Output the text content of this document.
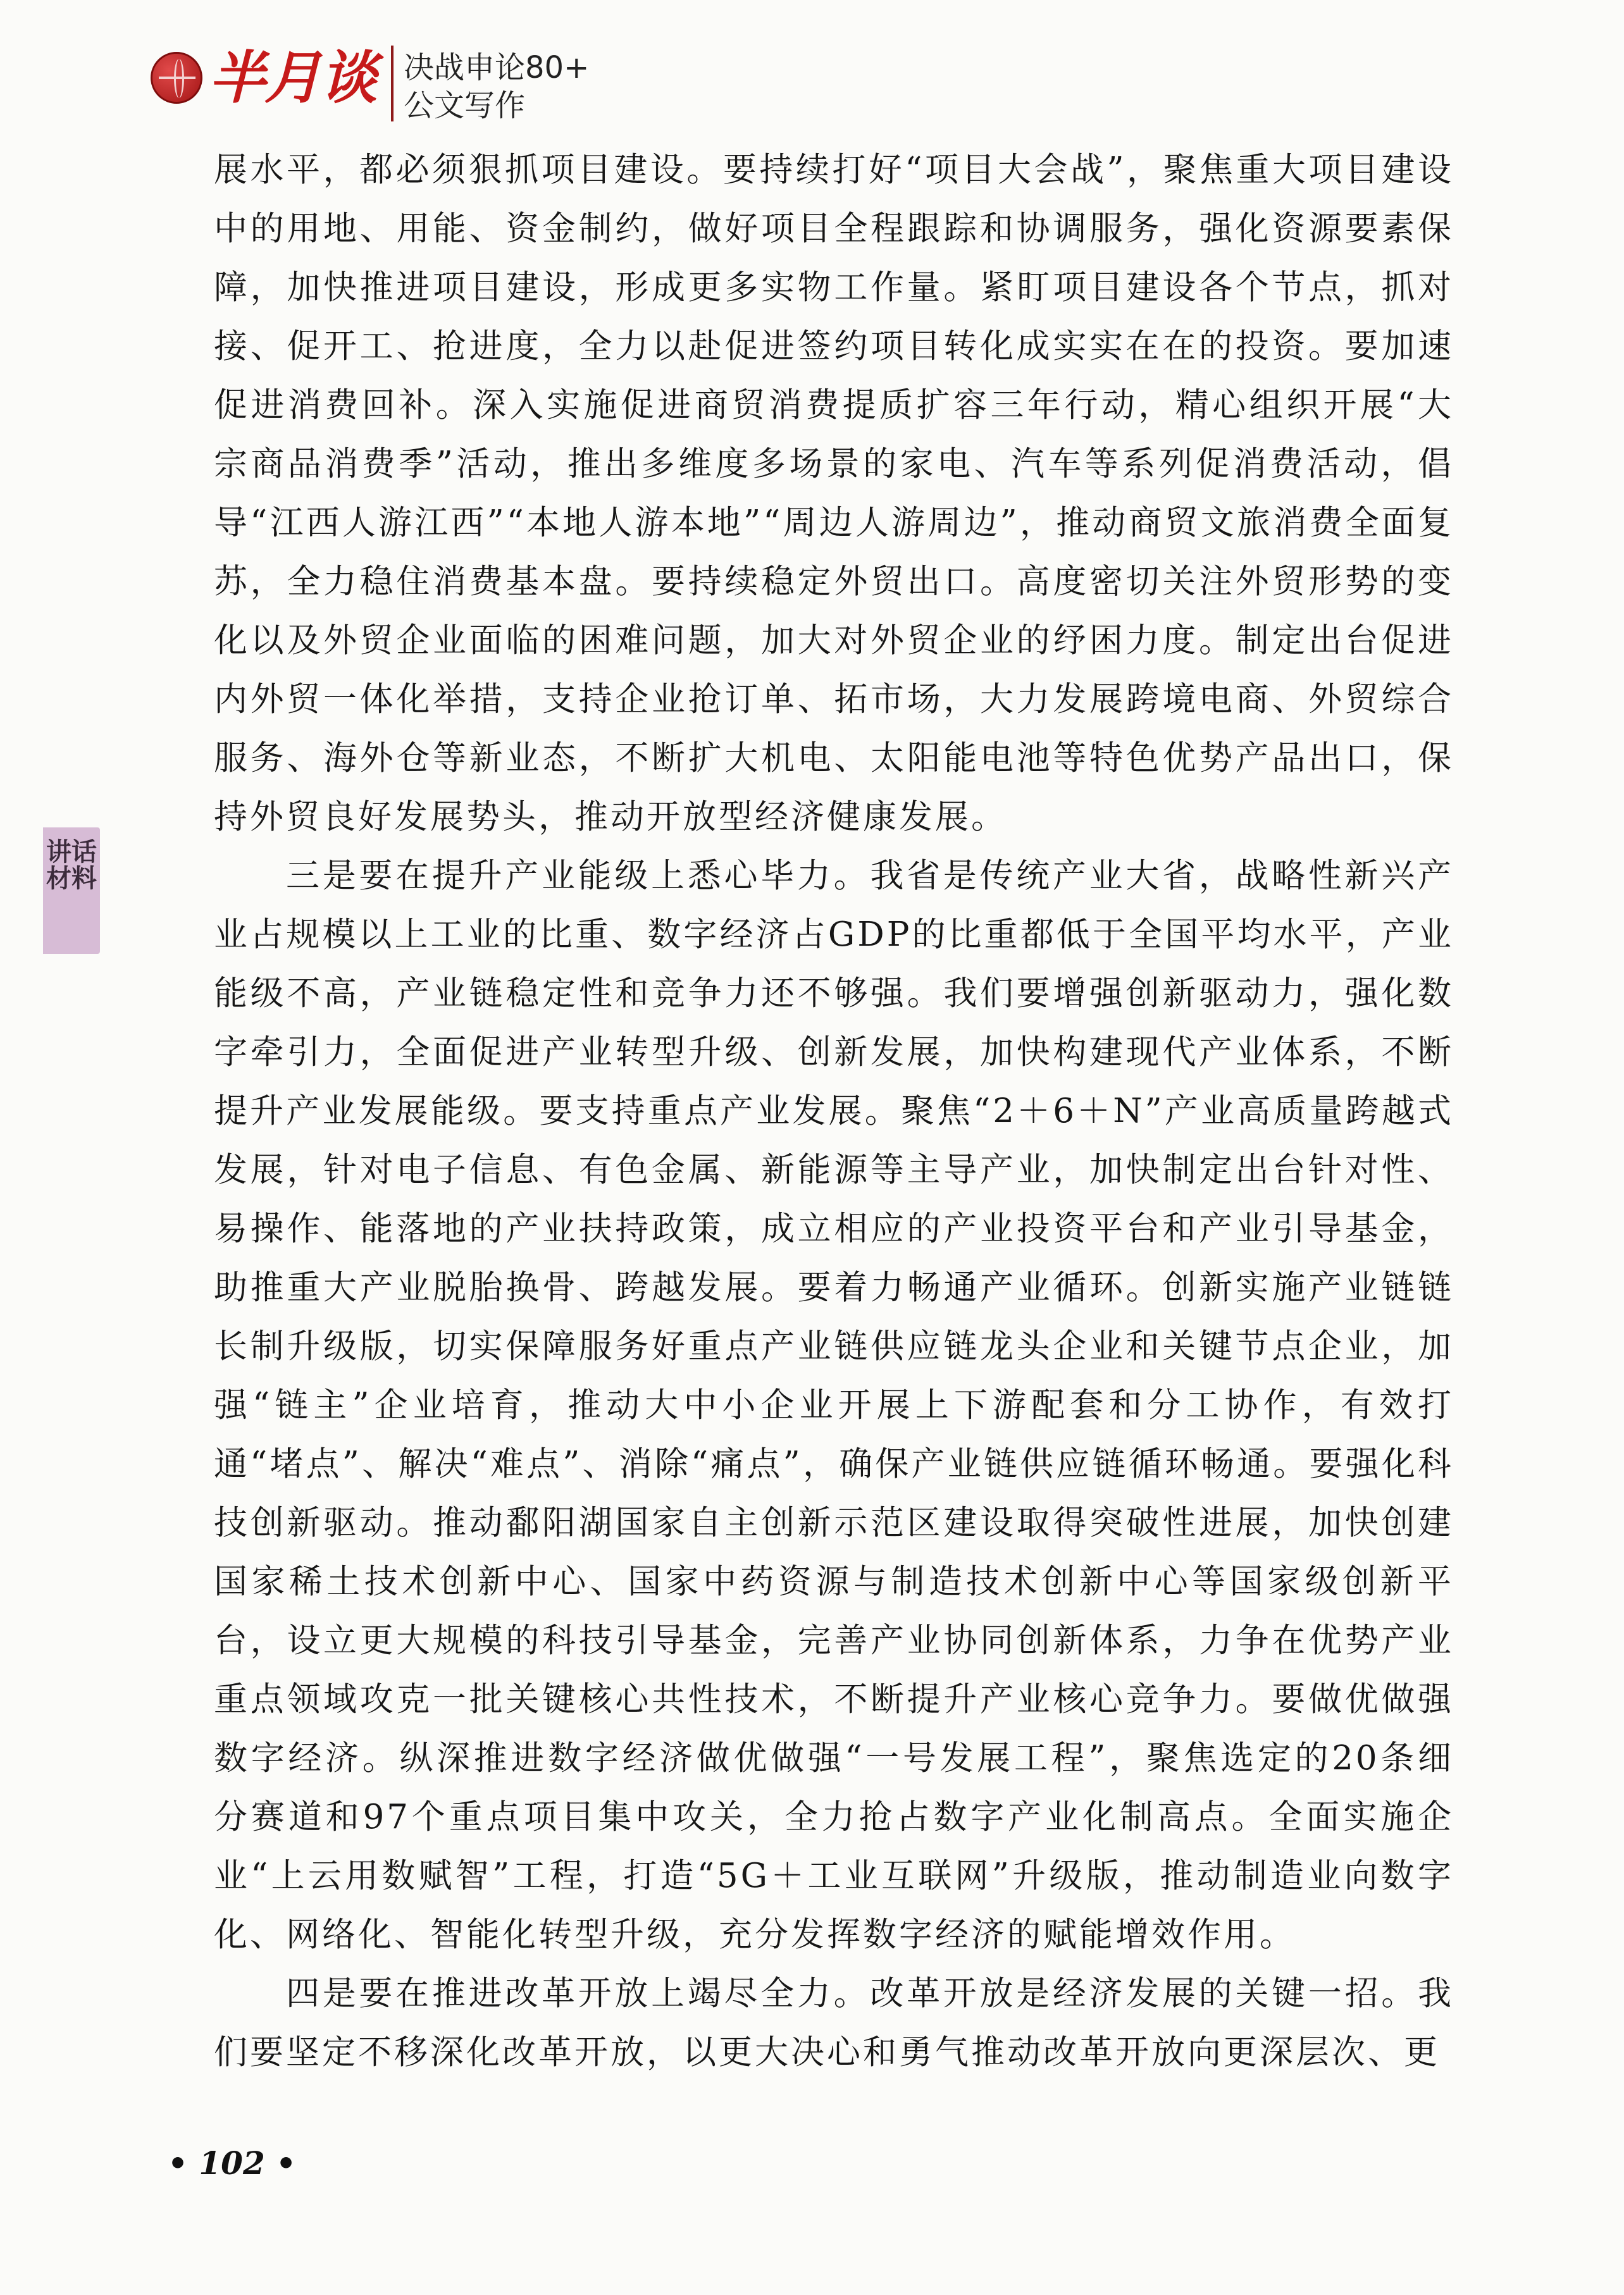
半月谈 决战申论80+
公文写作
讲话材料

展水平，都必须狠抓项目建设。要持续打好“项目大会战”，聚焦重大项目建设中的用地、用能、资金制约，做好项目全程跟踪和协调服务，强化资源要素保障，加快推进项目建设，形成更多实物工作量。紧盯项目建设各个节点，抓对接、促开工、抢进度，全力以赴促进签约项目转化成实实在在的投资。要加速促进消费回补。深入实施促进商贸消费提质扩容三年行动，精心组织开展“大宗商品消费季”活动，推出多维度多场景的家电、汽车等系列促消费活动，倡导“江西人游江西”“本地人游本地”“周边人游周边”，推动商贸文旅消费全面复苏，全力稳住消费基本盘。要持续稳定外贸出口。高度密切关注外贸形势的变化以及外贸企业面临的困难问题，加大对外贸企业的纾困力度。制定出台促进内外贸一体化举措，支持企业抢订单、拓市场，大力发展跨境电商、外贸综合服务、海外仓等新业态，不断扩大机电、太阳能电池等特色优势产品出口，保持外贸良好发展势头，推动开放型经济健康发展。

三是要在提升产业能级上悉心毕力。我省是传统产业大省，战略性新兴产业占规模以上工业的比重、数字经济占GDP的比重都低于全国平均水平，产业能级不高，产业链稳定性和竞争力还不够强。我们要增强创新驱动力，强化数字牵引力，全面促进产业转型升级、创新发展，加快构建现代产业体系，不断提升产业发展能级。要支持重点产业发展。聚焦“2＋6＋N”产业高质量跨越式发展，针对电子信息、有色金属、新能源等主导产业，加快制定出台针对性、易操作、能落地的产业扶持政策，成立相应的产业投资平台和产业引导基金，助推重大产业脱胎换骨、跨越发展。要着力畅通产业循环。创新实施产业链链长制升级版，切实保障服务好重点产业链供应链龙头企业和关键节点企业，加强“链主”企业培育，推动大中小企业开展上下游配套和分工协作，有效打通“堵点”、解决“难点”、消除“痛点”，确保产业链供应链循环畅通。要强化科技创新驱动。推动鄱阳湖国家自主创新示范区建设取得突破性进展，加快创建国家稀土技术创新中心、国家中药资源与制造技术创新中心等国家级创新平台，设立更大规模的科技引导基金，完善产业协同创新体系，力争在优势产业重点领域攻克一批关键核心共性技术，不断提升产业核心竞争力。要做优做强数字经济。纵深推进数字经济做优做强“一号发展工程”，聚焦选定的20条细分赛道和97个重点项目集中攻关，全力抢占数字产业化制高点。全面实施企业“上云用数赋智”工程，打造“5G＋工业互联网”升级版，推动制造业向数字化、网络化、智能化转型升级，充分发挥数字经济的赋能增效作用。

四是要在推进改革开放上竭尽全力。改革开放是经济发展的关键一招。我们要坚定不移深化改革开放，以更大决心和勇气推动改革开放向更深层次、更

• 102 •
